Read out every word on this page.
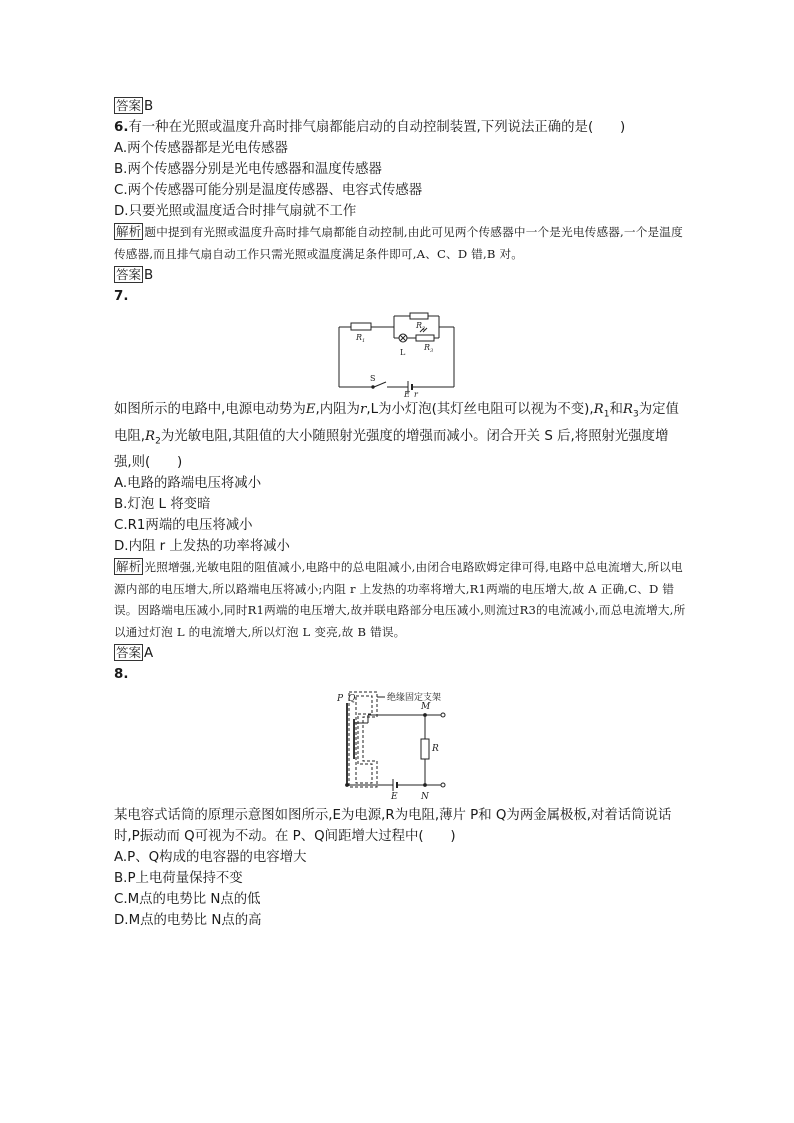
答案 B
6.有一种在光照或温度升高时排气扇都能启动的自动控制装置,下列说法正确的是(　　)
A.两个传感器都是光电传感器
B.两个传感器分别是光电传感器和温度传感器
C.两个传感器可能分别是温度传感器、电容式传感器
D.只要光照或温度适合时排气扇就不工作
解析 题中提到有光照或温度升高时排气扇都能自动控制,由此可见两个传感器中一个是光电传感器,一个是温度传感器,而且排气扇自动工作只需光照或温度满足条件即可,A、C、D 错,B 对。
答案 B
7.
$R_1$
$R_2$
$R_3$
L
S
E r
如图所示的电路中,电源电动势为E,内阻为r,L为小灯泡(其灯丝电阻可以视为不变)$,R_1$和$R_3$为定值电阻$,R_2$为光敏电阻,其阻值的大小随照射光强度的增强而减小。闭合开关 S 后,将照射光强度增强,则(　　)
A.电路的路端电压将减小
B.灯泡 L 将变暗
C.R1两端的电压将减小
D.内阻 r 上发热的功率将减小
解析 光照增强,光敏电阻的阻值减小,电路中的总电阻减小,由闭合电路欧姆定律可得,电路中总电流增大,所以电源内部的电压增大,所以路端电压将减小;内阻 r 上发热的功率将增大,R1两端的电压增大,故 A 正确,C、D 错误。因路端电压减小,同时R1两端的电压增大,故并联电路部分电压减小,则流过R3的电流减小,而总电流增大,所以通过灯泡 L 的电流增大,所以灯泡 L 变亮,故 B 错误。
答案 A
8.
P Q
R
M
N
E
绝缘固定支架
某电容式话筒的原理示意图如图所示,E为电源,R为电阻,薄片 P和 Q为两金属极板,对着话筒说话时,P振动而 Q可视为不动。在 P、Q间距增大过程中(　　)
A.P、Q构成的电容器的电容增大
B.P上电荷量保持不变
C.M点的电势比 N点的低
D.M点的电势比 N点的高
